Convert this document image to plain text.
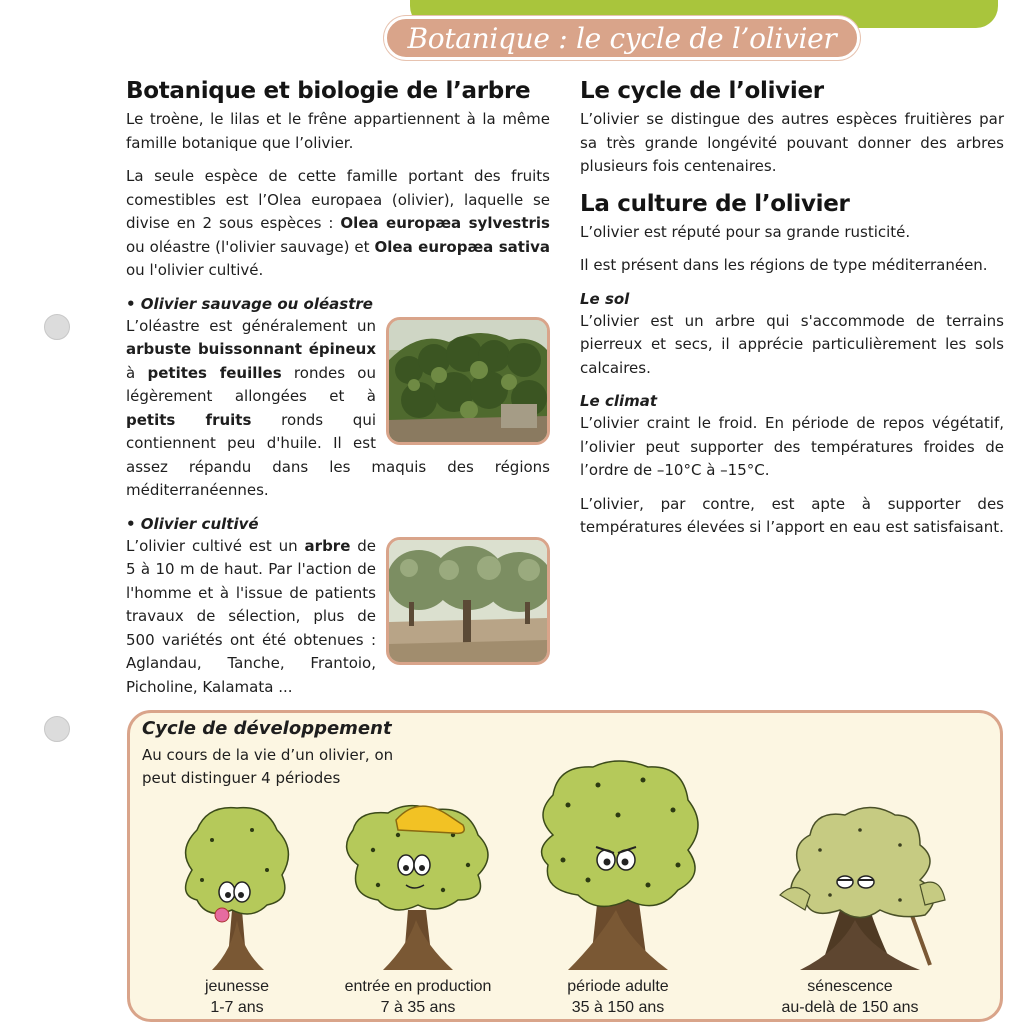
Botanique : le cycle de l’olivier
Botanique et biologie de l’arbre

Le troène, le lilas et le frêne appartiennent à la même famille botanique que l’olivier.

La seule espèce de cette famille portant des fruits comestibles est l’Olea europaea (olivier), laquelle se divise en 2 sous espèces : Olea europæa sylvestris ou oléastre (l'olivier sauvage) et Olea europæa sativa ou l'olivier cultivé.

• Olivier sauvage ou oléastre

L’oléastre est généralement un arbuste buissonnant épineux à petites feuilles rondes ou légèrement allongées et à petits fruits ronds qui contiennent peu d'huile. Il est assez répandu dans les maquis des régions méditerranéennes.

• Olivier cultivé

L’olivier cultivé est un arbre de 5 à 10 m de haut. Par l'action de l'homme et à l'issue de patients travaux de sélection, plus de 500 variétés ont été obtenues : Aglandau, Tanche, Frantoio, Picholine, Kalamata ...

Le cycle de l’olivier

L’olivier se distingue des autres espèces fruitières par sa très grande longévité pouvant donner des arbres plusieurs fois centenaires.

La culture de l’olivier

L’olivier est réputé pour sa grande rusticité.

Il est présent dans les régions de type méditerranéen.

Le sol

L’olivier est un arbre qui s'accommode de terrains pierreux et secs, il apprécie particulièrement les sols calcaires.

Le climat

L’olivier craint le froid. En période de repos végétatif, l’olivier peut supporter des températures froides de l’ordre de –10°C à –15°C.

L’olivier, par contre, est apte à supporter des températures élevées si l’apport en eau est satisfaisant.

Cycle de développement
Au cours de la vie d’un olivier, on peut distinguer 4 périodes
jeunesse
1-7 ans
entrée en production
7 à 35 ans
période adulte
35 à 150 ans
sénescence
au-delà de 150 ans
